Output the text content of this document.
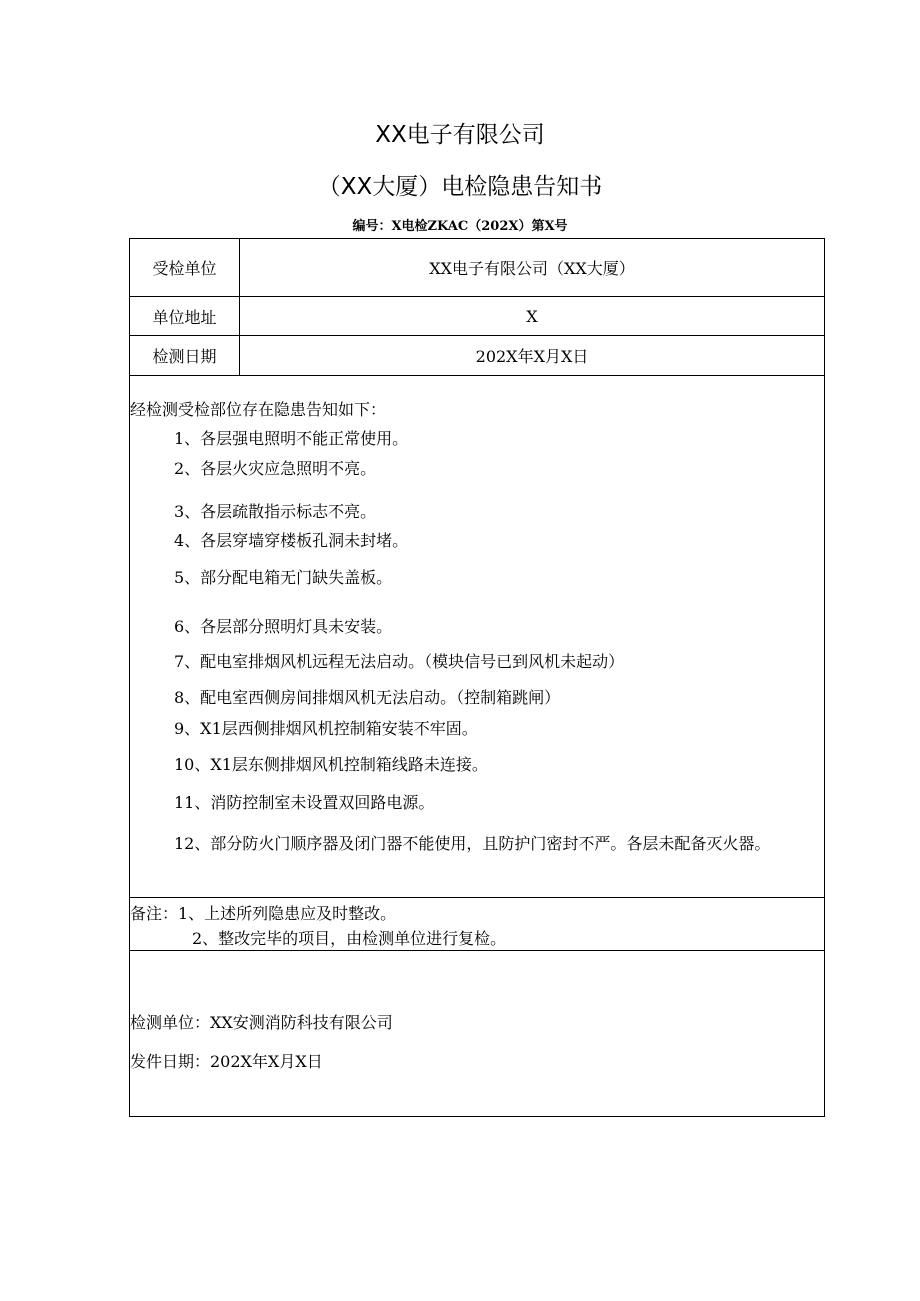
XX电子有限公司
（XX大厦）电检隐患告知书
编号：X电检ZKAC（202X）第X号
受检单位	XX电子有限公司（XX大厦）
单位地址	X
检测日期	202X年X月X日
经检测受检部位存在隐患告知如下：
1、各层强电照明不能正常使用。
2、各层火灾应急照明不亮。
3、各层疏散指示标志不亮。
4、各层穿墙穿楼板孔洞未封堵。
5、部分配电箱无门缺失盖板。
6、各层部分照明灯具未安装。
7、配电室排烟风机远程无法启动。（模块信号已到风机未起动）
8、配电室西侧房间排烟风机无法启动。（控制箱跳闸）
9、X1层西侧排烟风机控制箱安装不牢固。
10、X1层东侧排烟风机控制箱线路未连接。
11、消防控制室未设置双回路电源。
12、部分防火门顺序器及闭门器不能使用，且防护门密封不严。各层未配备灭火器。
备注：1、上述所列隐患应及时整改。
2、整改完毕的项目，由检测单位进行复检。
检测单位：XX安测消防科技有限公司
发件日期：202X年X月X日
